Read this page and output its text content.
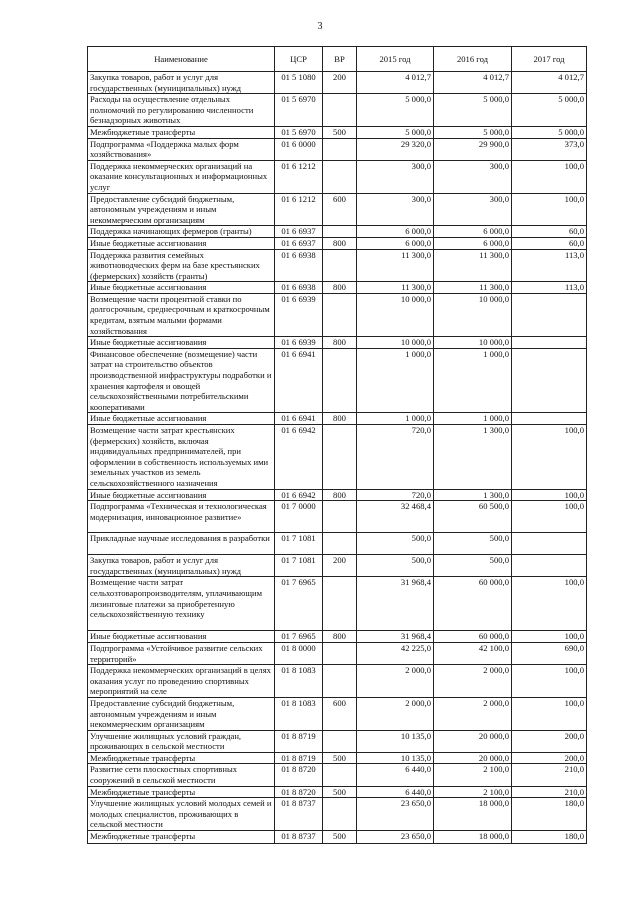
3
Наименование	ЦСР	ВР	2015 год	2016 год	2017 год
Закупка товаров, работ и услуг для государственных (муниципальных) нужд	01 5 1080	200	4 012,7	4 012,7	4 012,7
Расходы на осуществление отдельных полномочий по регулированию численности безнадзорных животных	01 5 6970		5 000,0	5 000,0	5 000,0
Межбюджетные трансферты	01 5 6970	500	5 000,0	5 000,0	5 000,0
Подпрограмма «Поддержка малых форм хозяйствования»	01 6 0000		29 320,0	29 900,0	373,0
Поддержка некоммерческих организаций на оказание консультационных и информационных услуг	01 6 1212		300,0	300,0	100,0
Предоставление субсидий бюджетным, автономным учреждениям и иным некоммерческим организациям	01 6 1212	600	300,0	300,0	100,0
Поддержка начинающих фермеров (гранты)	01 6 6937		6 000,0	6 000,0	60,0
Иные бюджетные ассигнования	01 6 6937	800	6 000,0	6 000,0	60,0
Поддержка развития семейных животноводческих ферм на базе крестьянских (фермерских) хозяйств (гранты)	01 6 6938		11 300,0	11 300,0	113,0
Иные бюджетные ассигнования	01 6 6938	800	11 300,0	11 300,0	113,0
Возмещение части процентной ставки по долгосрочным, среднесрочным и краткосрочным кредитам, взятым малыми формами хозяйствования	01 6 6939		10 000,0	10 000,0	
Иные бюджетные ассигнования	01 6 6939	800	10 000,0	10 000,0	
Финансовое обеспечение (возмещение) части затрат на строительство объектов производственной инфраструктуры подработки и хранения картофеля и овощей сельскохозяйственными потребительскими кооперативами	01 6 6941		1 000,0	1 000,0	
Иные бюджетные ассигнования	01 6 6941	800	1 000,0	1 000,0	
Возмещение части затрат крестьянских (фермерских) хозяйств, включая индивидуальных предпринимателей, при оформлении в собственность используемых ими земельных участков из земель сельскохозяйственного назначения	01 6 6942		720,0	1 300,0	100,0
Иные бюджетные ассигнования	01 6 6942	800	720,0	1 300,0	100,0
Подпрограмма «Техническая и технологическая модернизация, инновационное развитие»	01 7 0000		32 468,4	60 500,0	100,0
Прикладные научные исследования в разработки	01 7 1081		500,0	500,0	
Закупка товаров, работ и услуг для государственных (муниципальных) нужд	01 7 1081	200	500,0	500,0	
Возмещение части затрат сельхозтоваропроизводителям, уплачивающим лизинговые платежи за приобретенную сельскохозяйственную технику	01 7 6965		31 968,4	60 000,0	100,0
Иные бюджетные ассигнования	01 7 6965	800	31 968,4	60 000,0	100,0
Подпрограмма «Устойчивое развитие сельских территорий»	01 8 0000		42 225,0	42 100,0	690,0
Поддержка некоммерческих организаций в целях оказания услуг по проведению спортивных мероприятий на селе	01 8 1083		2 000,0	2 000,0	100,0
Предоставление субсидий бюджетным, автономным учреждениям и иным некоммерческим организациям	01 8 1083	600	2 000,0	2 000,0	100,0
Улучшение жилищных условий граждан, проживающих в сельской местности	01 8 8719		10 135,0	20 000,0	200,0
Межбюджетные трансферты	01 8 8719	500	10 135,0	20 000,0	200,0
Развитие сети плоскостных спортивных сооружений в сельской местности	01 8 8720		6 440,0	2 100,0	210,0
Межбюджетные трансферты	01 8 8720	500	6 440,0	2 100,0	210,0
Улучшение жилищных условий молодых семей и молодых специалистов, проживающих в сельской местности	01 8 8737		23 650,0	18 000,0	180,0
Межбюджетные трансферты	01 8 8737	500	23 650,0	18 000,0	180,0
